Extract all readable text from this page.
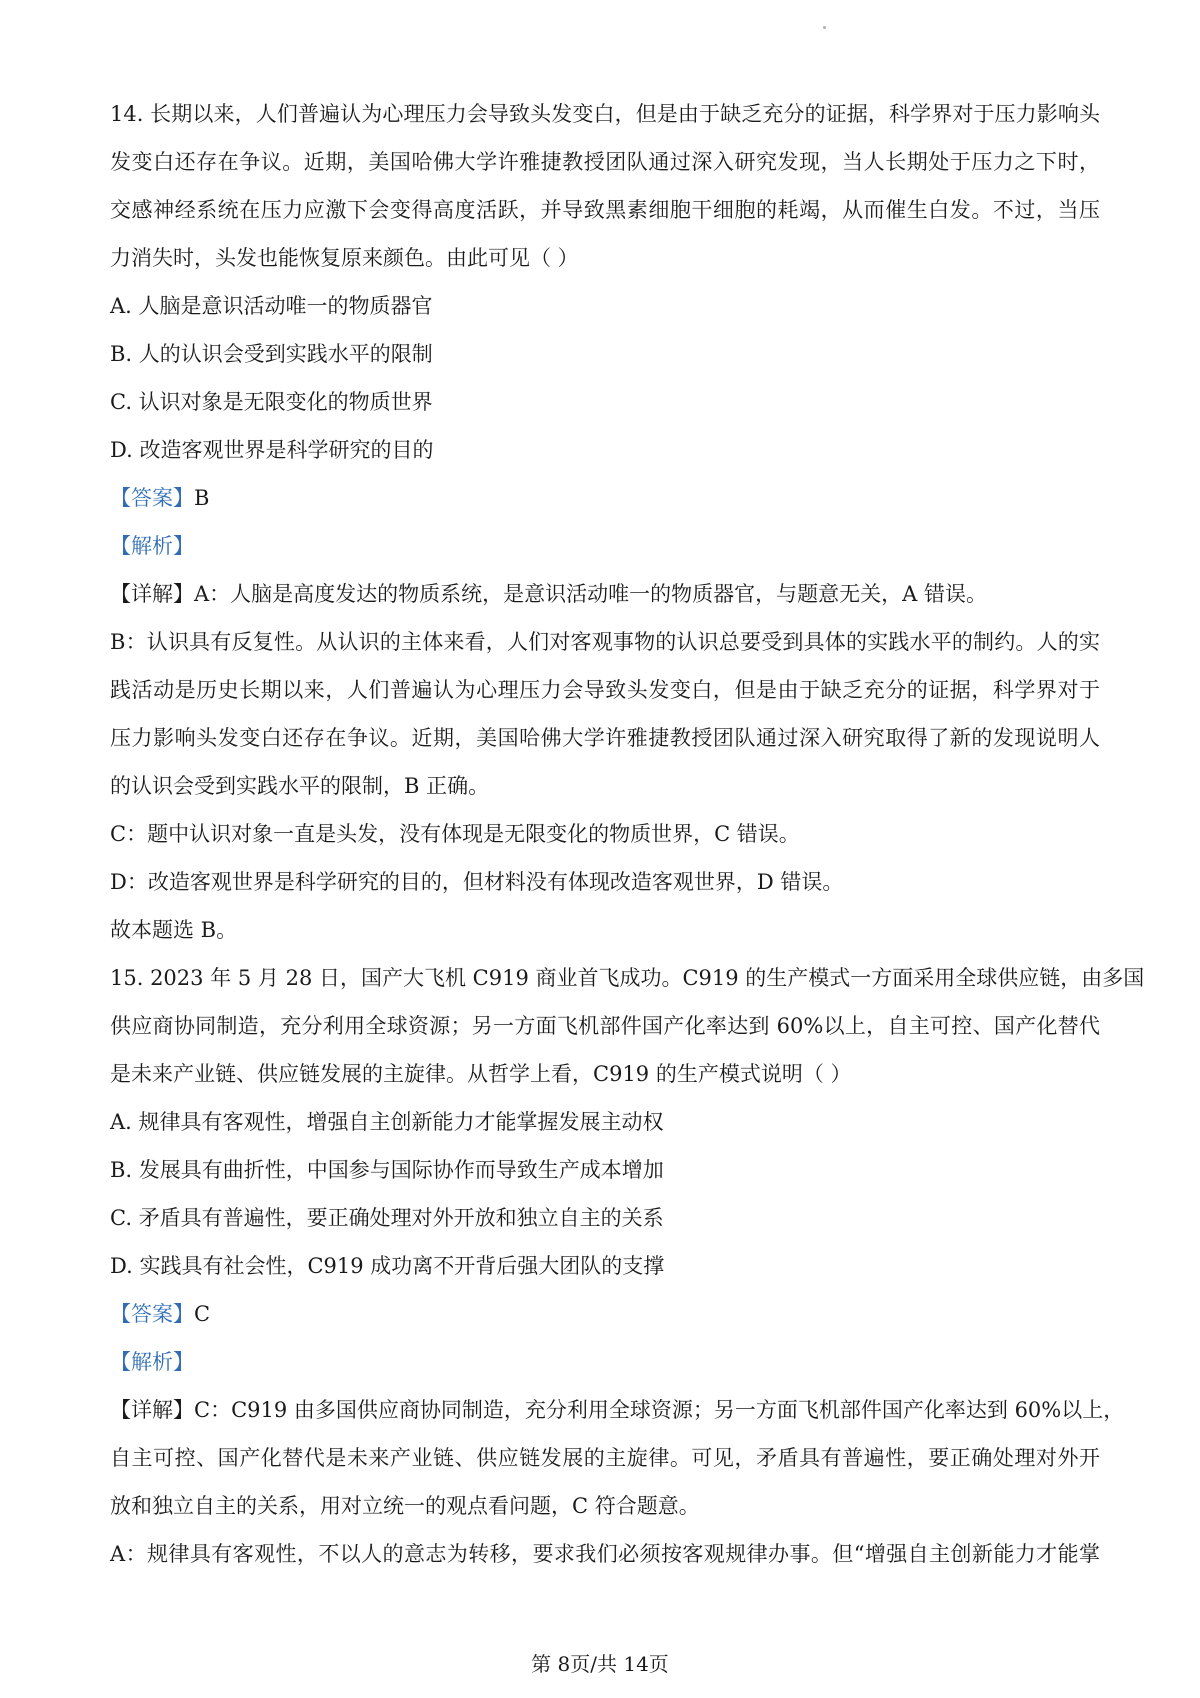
14. 长期以来，人们普遍认为心理压力会导致头发变白，但是由于缺乏充分的证据，科学界对于压力影响头
发变白还存在争议。近期，美国哈佛大学许雅捷教授团队通过深入研究发现，当人长期处于压力之下时，
交感神经系统在压力应激下会变得高度活跃，并导致黑素细胞干细胞的耗竭，从而催生白发。不过，当压
力消失时，头发也能恢复原来颜色。由此可见（ ）
A. 人脑是意识活动唯一的物质器官
B. 人的认识会受到实践水平的限制
C. 认识对象是无限变化的物质世界
D. 改造客观世界是科学研究的目的
【答案】B
【解析】
【详解】A：人脑是高度发达的物质系统，是意识活动唯一的物质器官，与题意无关，A 错误。
B：认识具有反复性。从认识的主体来看，人们对客观事物的认识总要受到具体的实践水平的制约。人的实
践活动是历史长期以来，人们普遍认为心理压力会导致头发变白，但是由于缺乏充分的证据，科学界对于
压力影响头发变白还存在争议。近期，美国哈佛大学许雅捷教授团队通过深入研究取得了新的发现说明人
的认识会受到实践水平的限制，B 正确。
C：题中认识对象一直是头发，没有体现是无限变化的物质世界，C 错误。
D：改造客观世界是科学研究的目的，但材料没有体现改造客观世界，D 错误。
故本题选 B。
15. 2023 年 5 月 28 日，国产大飞机 C919 商业首飞成功。C919 的生产模式一方面采用全球供应链，由多国
供应商协同制造，充分利用全球资源；另一方面飞机部件国产化率达到 60%以上，自主可控、国产化替代
是未来产业链、供应链发展的主旋律。从哲学上看，C919 的生产模式说明（ ）
A. 规律具有客观性，增强自主创新能力才能掌握发展主动权
B. 发展具有曲折性，中国参与国际协作而导致生产成本增加
C. 矛盾具有普遍性，要正确处理对外开放和独立自主的关系
D. 实践具有社会性，C919 成功离不开背后强大团队的支撑
【答案】C
【解析】
【详解】C：C919 由多国供应商协同制造，充分利用全球资源；另一方面飞机部件国产化率达到 60%以上，
自主可控、国产化替代是未来产业链、供应链发展的主旋律。可见，矛盾具有普遍性，要正确处理对外开
放和独立自主的关系，用对立统一的观点看问题，C 符合题意。
A：规律具有客观性，不以人的意志为转移，要求我们必须按客观规律办事。但“增强自主创新能力才能掌
第 8页/共 14页
